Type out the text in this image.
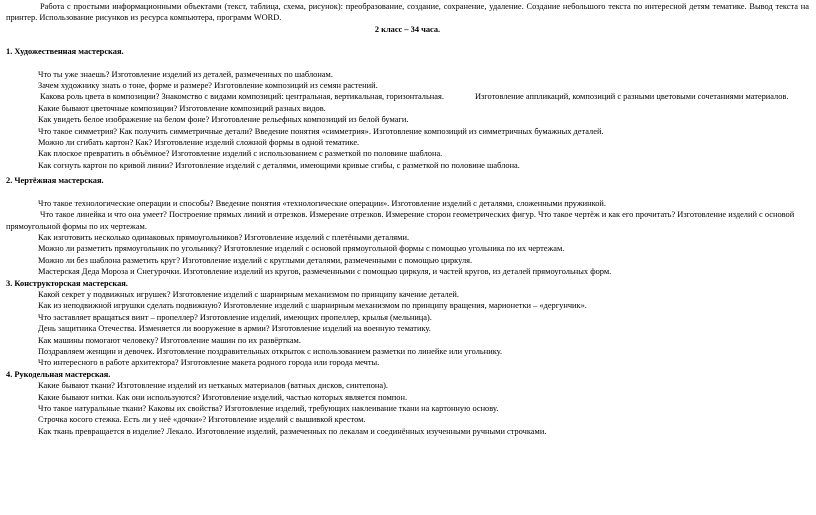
Работа с простыми информационными объектами (текст, таблица, схема, рисунок): преобразование, создание, сохранение, удаление. Создание небольшого текста по интересной детям тематике. Вывод текста на принтер. Использование рисунков из ресурса компьютера, программ WORD.

2 класс – 34 часа.

1. Художественная мастерская.

Что ты уже знаешь? Изготовление изделий из деталей, размеченных по шаблонам.

Зачем художнику знать о тоне, форме и размере? Изготовление композиций из семян растений.

Какова роль цвета в композиции? Знакомство с видами композиций: центральная, вертикальная, горизонтальная.	Изготовление аппликаций, композиций с разными цветовыми сочетаниями материалов.

Какие бывают цветочные композиции? Изготовление композиций разных видов.

Как увидеть белое изображение на белом фоне? Изготовление рельефных композиций из белой бумаги.

Что такое симметрия? Как получить симметричные детали? Введение понятия «симметрия». Изготовление композиций из симметричных бумажных деталей.

Можно ли сгибать картон? Как? Изготовление изделий сложной формы в одной тематике.

Как плоское превратить в объёмное? Изготовление изделий с использованием с разметкой по половине шаблона.

Как согнуть картон по кривой линии? Изготовление изделий с деталями, имеющими кривые сгибы, с разметкой по половине шаблона.

2. Чертёжная мастерская.

Что такое технологические операции и способы? Введение понятия «технологические операции». Изготовление изделий с деталями, сложенными пружинкой.

Что такое линейка и что она умеет? Построение прямых линий и отрезков. Измерение отрезков. Измерение сторон геометрических фигур. Что такое чертёж и как его прочитать? Изготовление изделий с основой прямоугольной формы по их чертежам.

Как изготовить несколько одинаковых прямоугольников? Изготовление изделий с плетёными деталями.

Можно ли разметить прямоугольник по угольнику? Изготовление изделий с основой прямоугольной формы с помощью угольника по их чертежам.

Можно ли без шаблона разметить круг? Изготовление изделий с круглыми деталями, размеченными с помощью циркуля.

Мастерская Деда Мороза и Снегурочки. Изготовление изделий из кругов, размеченными с помощью циркуля, и частей кругов, из деталей прямоугольных форм.

3. Конструкторская мастерская.

Какой секрет у подвижных игрушек? Изготовление изделий с шарнирным механизмом по принципу качение деталей.

Как из неподвижной игрушки сделать подвижную? Изготовление изделий с шарнирным механизмом по принципу вращения, марионетки – «дергунчик».

Что заставляет вращаться винт – пропеллер? Изготовление изделий, имеющих пропеллер, крылья (мельница).

День защитника Отечества. Изменяется ли вооружение в армии? Изготовление изделий на военную тематику.

Как машины помогают человеку? Изготовление машин по их развёрткам.

Поздравляем женщин и девочек. Изготовление поздравительных открыток с использованием разметки по линейке или угольнику.

Что интересного в работе архитектора? Изготовление макета родного города или города мечты.

4. Рукодельная мастерская.

Какие бывают ткани? Изготовление изделий из нетканых материалов (ватных дисков, синтепона).

Какие бывают нитки. Как они используются? Изготовление изделий, частью которых является помпон.

Что такое натуральные ткани? Каковы их свойства? Изготовление изделий, требующих наклеивание ткани на картонную основу.

Строчка косого стежка. Есть ли у неё «дочки»? Изготовление изделий с вышивкой крестом.

Как ткань превращается в изделие? Лекало. Изготовление изделий, размеченных по лекалам и соединённых изученными ручными строчками.
